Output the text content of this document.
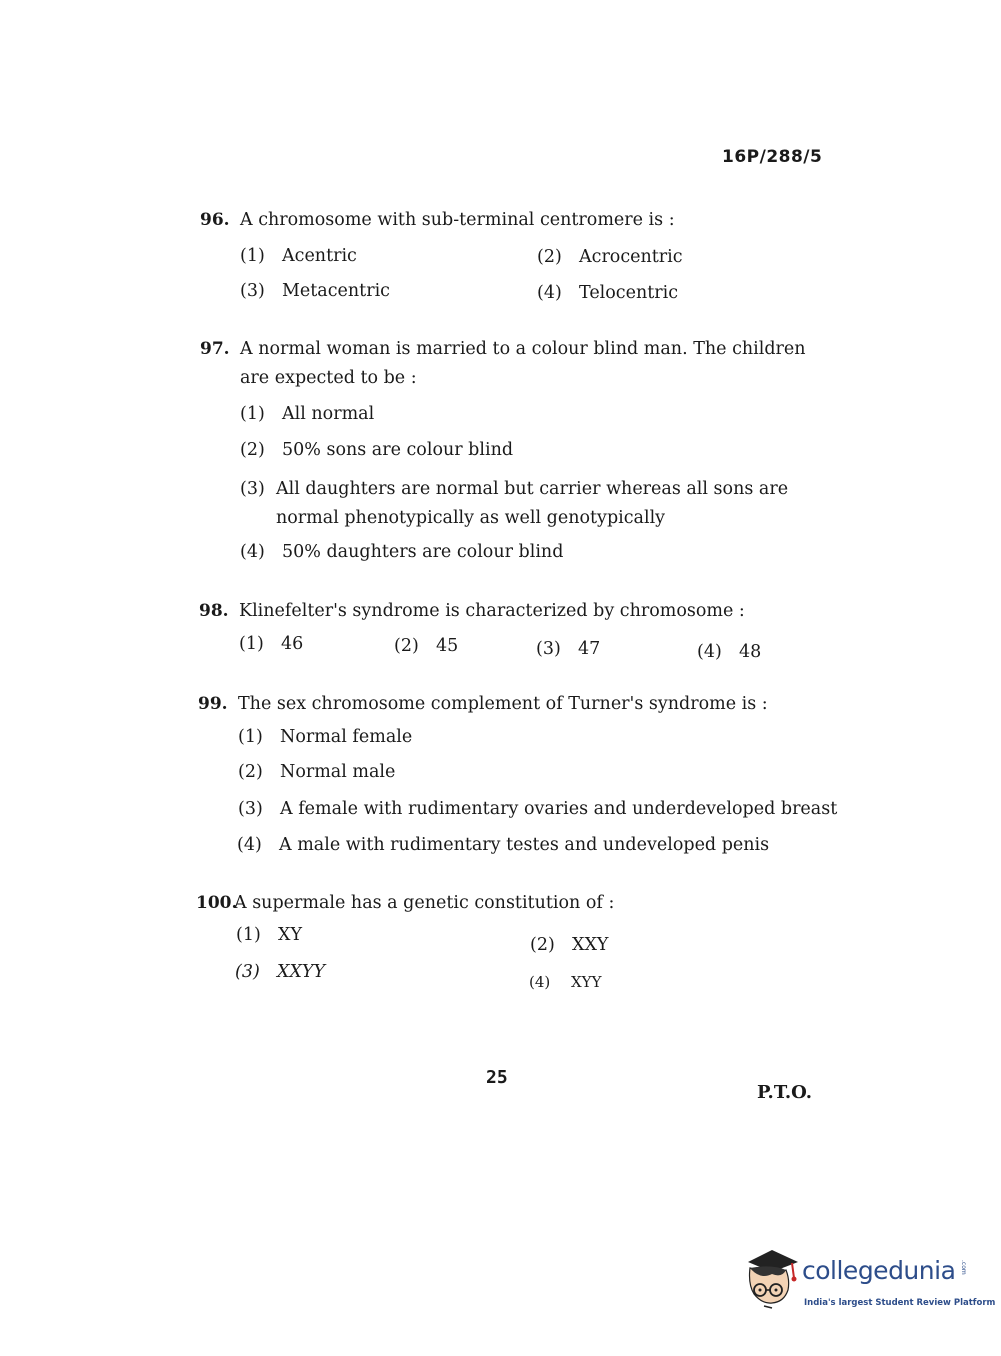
16P/288/5
96. A chromosome with sub-terminal centromere is :
(1) Acentric	(2) Acrocentric
(3) Metacentric	(4) Telocentric
97. A normal woman is married to a colour blind man. The children are expected to be :
(1) All normal
(2) 50% sons are colour blind
(3) All daughters are normal but carrier whereas all sons are normal phenotypically as well genotypically
(4) 50% daughters are colour blind
98. Klinefelter's syndrome is characterized by chromosome :
(1) 46	(2) 45	(3) 47	(4) 48
99. The sex chromosome complement of Turner's syndrome is :
(1) Normal female
(2) Normal male
(3) A female with rudimentary ovaries and underdeveloped breast
(4) A male with rudimentary testes and undeveloped penis
100.
A supermale has a genetic constitution of :
(1) XY	(2) XXY
(3) XXYY	(4) XYY
25
P.T.O.
collegedunia .com
India's largest Student Review Platform
